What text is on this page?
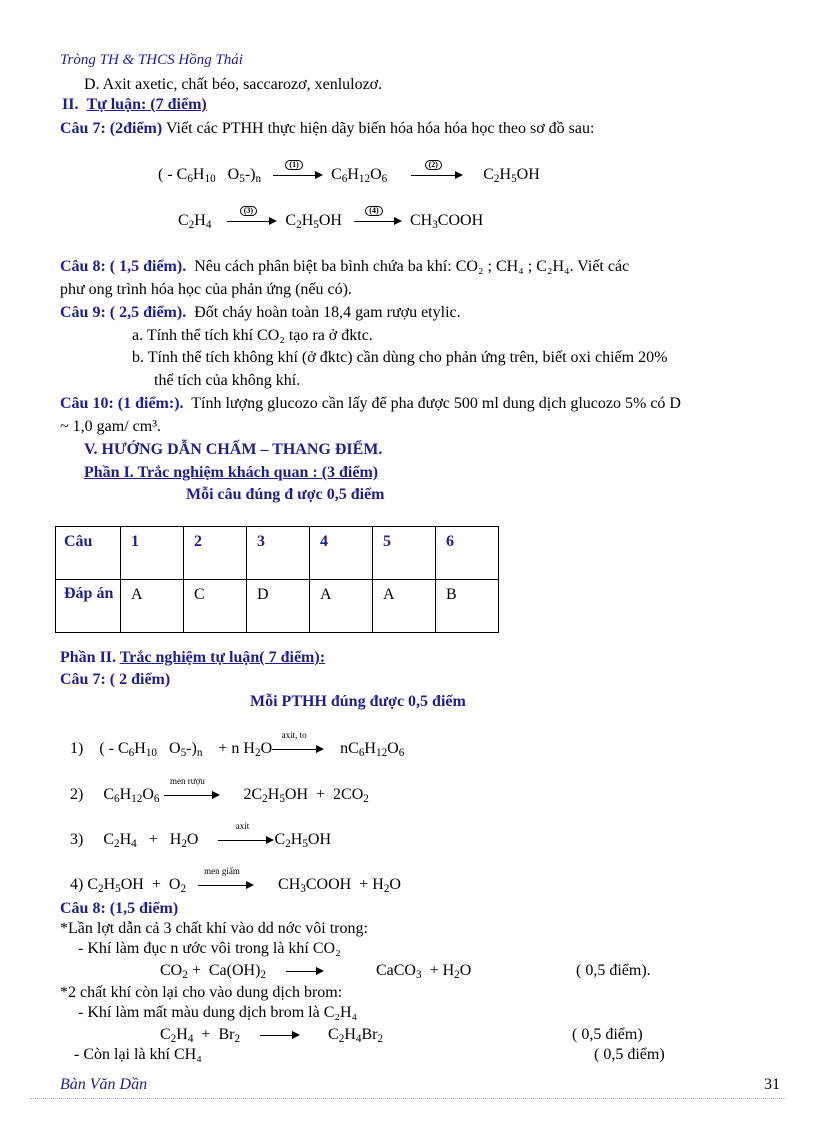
Tròng TH & THCS Hồng Thái
D. Axit axetic, chất béo, saccarozơ, xenlulozơ.
II. Tự luận: (7 điểm)
Câu 7: (2điểm) Viết các PTHH thực hiện dãy biến hóa hóa hóa học theo sơ đồ sau:
( - $C_6H_{10}$   $O_5-)_n$
(1)
$C_6H_{12}O_6$
(2)
$C_2H_5OH$
$C_2H_4$
(3)
$C_2H_5OH$
(4)
$CH_3COOH$
Câu 8: ( 1,5 điểm). Nêu cách phân biệt ba bình chứa ba khí: CO₂ ; CH₄ ; C₂H₄. Viết các
phư ong trình hóa học của phản ứng (nếu có).
Câu 9: ( 2,5 điểm). Đốt cháy hoàn toàn 18,4 gam rượu etylic.
a. Tính thể tích khí CO₂ tạo ra ở đktc.
b. Tính thể tích không khí (ở đktc) cần dùng cho phản ứng trên, biết oxi chiếm 20%
thể tích của không khí.
Câu 10: (1 điểm:). Tính lượng glucozo cần lấy để pha được 500 ml dung dịch glucozo 5% có D
~ 1,0 gam/ cm³.
V. HƯỚNG DẪN CHẤM – THANG ĐIỂM.
Phần I. Trắc nghiệm khách quan : (3 điểm)
Mỗi câu đúng đ ược 0,5 điểm
Câu	1	2	3	4	5	6
Đáp án	A	C	D	A	A	B
Phần II. Trắc nghiệm tự luận( 7 điểm):
Câu 7: ( 2 điểm)
Mỗi PTHH đúng được 0,5 điểm
1)    ( - $C_6H_{10}$   $O_5-)_n$    + n $H_2O$
axit, to
$nC_6H_{12}O_6$
2)     $C_6H_{12}O_6$
men rượu
$2C_2H_5OH + 2CO_2$
3)     $C_2H_4 + H_2O$
axit
$C_2H_5OH$
4) $C_2H_5OH + O_2$
men giấm
$CH_3COOH + H_2O$
Câu 8: (1,5 điểm)
*Lần lợt dẫn cả 3 chất khí vào dd nớc vôi trong:
- Khí làm đục n ước vôi trong là khí CO₂
$CO_2 + Ca(OH)_2$	CaCO$_3$  + $H_2O$	( 0,5 điểm).
*2 chất khí còn lại cho vào dung dịch brom:
- Khí làm mất màu dung dịch brom là C₂H₄
$C_2H_4 + Br_2$	$C_2H_4Br_2$	( 0,5 điểm)
- Còn lại là khí CH₄	( 0,5 điểm)
Bàn Văn Dần	31
